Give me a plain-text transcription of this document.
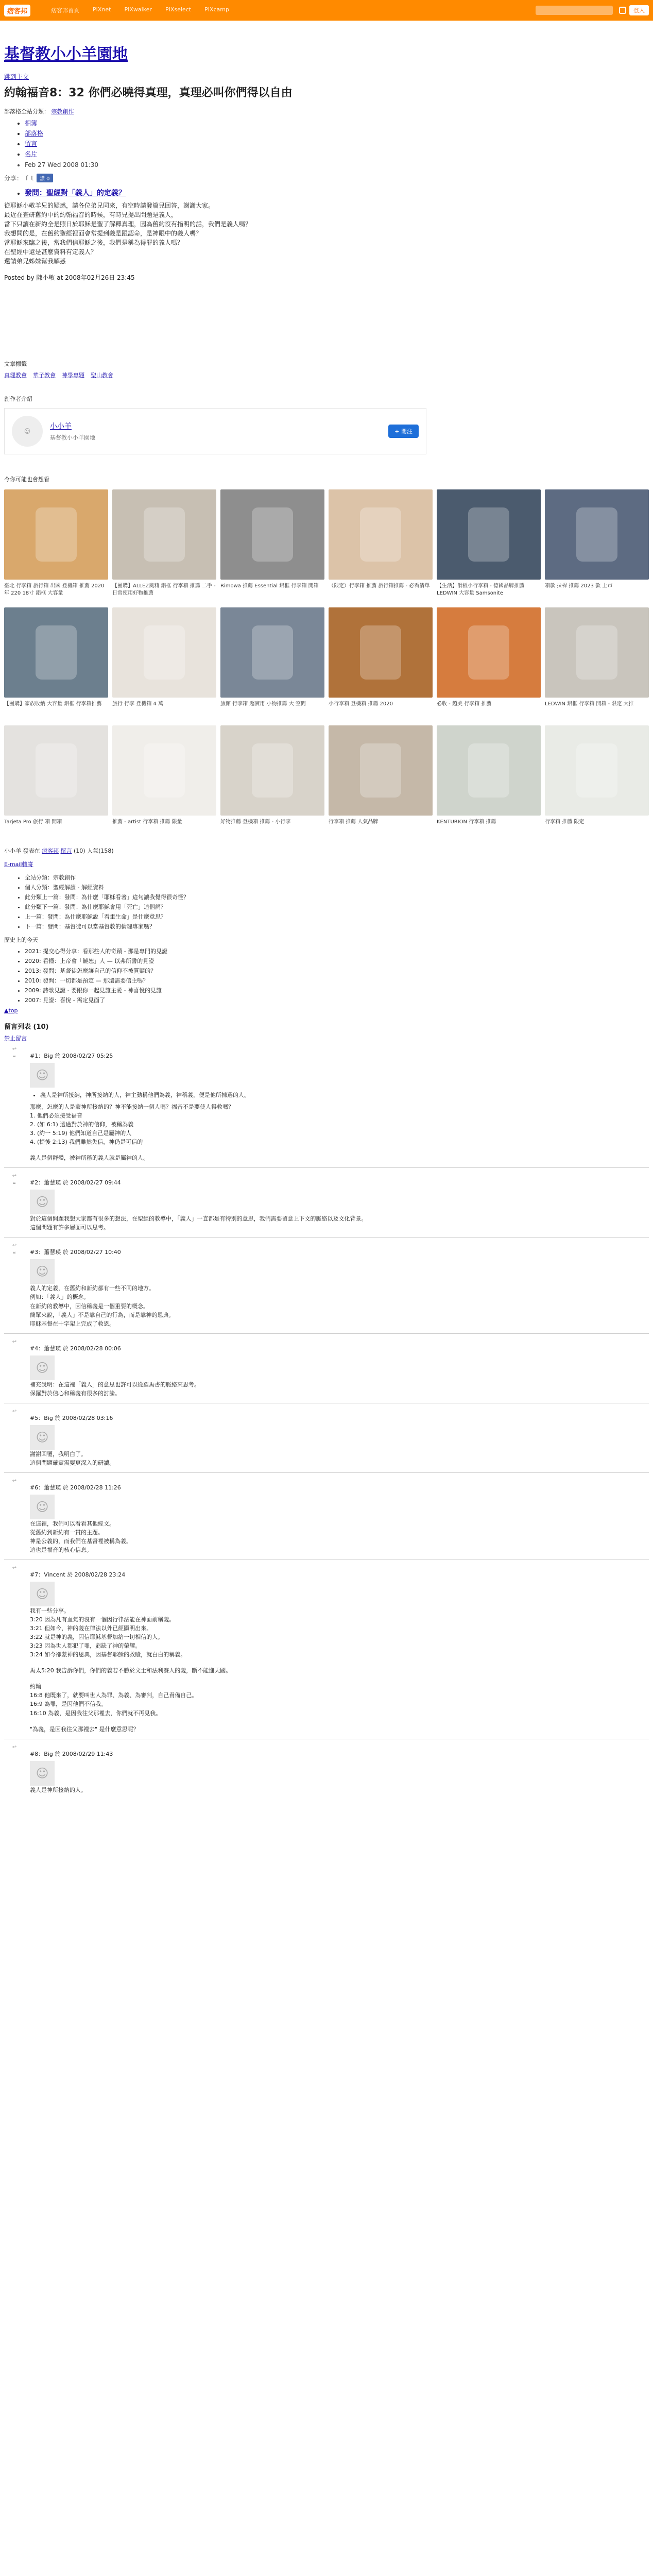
痞客邦	痞客邦首頁 PIXnet PIXwalker PIXselect PIXcamp	登入
基督教小小羊園地
跳到主文
約翰福音8：32 你們必曉得真理，真理必叫你們得以自由
部落格全站分類： 宗教創作
• 相簿
• 部落格
• 留言
• 名片
• Feb 27 Wed 2008 01:30
分享： f t	讚 0
• 發問：聖經對「義人」的定義？

從耶穌小敬羊兄的疑惑，請各位弟兄同來，有空時請發篇兒回答，謝謝大家。

最近在查研舊約中的約翰福音的時候，有時兄提出問題是義人，

當下只讀在新約全是照日於耶穌是聖了解釋真理，因為舊約沒有指明的話，我們是義人嗎？

我想問的是，在舊約聖經裡面會常提到義是跟認命，是神眼中的義人嗎？

當耶穌來臨之後，當我們信耶穌之後，我們是稱為得罪的義人嗎？

在聖經中還是甚麼資料有定義人？

還請弟兄姊妹幫我解惑

Posted by 陳小敏 at 2008年02月26日 23:45

文章標籤
真理教會 華子教會 神學專題 聖山教會
創作者介紹
☺
小小羊
基督教小小羊園地
+ 關注
今你可能也會想看
臺北 行李箱 旅行箱 出國 登機箱 推薦 2020 年 220 18寸 鋁框 大容量
【團購】ALLEZ奧莉 鋁框 行李箱 推薦 二手 - 日常使用好物推薦
Rimowa 推薦 Essential 鋁框 行李箱 開箱	（限定）行李箱 推薦 旅行箱推薦 - 必看清單	【生活】滑板小行李箱 - 德國品牌推薦 LEDWIN 大容量 Samsonite
箱款 拉桿 推薦 2023 款 上市
【團購】家族收納 大容量 鋁框 行李箱推薦	旅行 行李 登機箱 4 萬	旅館 行李箱 超實用 小物推薦 大 空間	小行李箱 登機箱 推薦 2020	必收 - 超美 行李箱 推薦	LEDWIN 鋁框 行李箱 開箱 - 限定 大推
Tarjeta Pro 旅行 箱 開箱	推薦 - artist 行李箱 推薦 限量	好物推薦 登機箱 推薦 - 小行李	行李箱 推薦 人氣品牌	KENTURION 行李箱 推薦	行李箱 推薦 限定
小小羊 發表在 痞客邦 留言 (10) 人氣(158)
E-mail轉寄
• 全站分類：宗教創作
• 個人分類：聖經解讀 - 解經資料
• 此分類上一篇：發問：為什麼「耶穌看著」這句讓我覺得很奇怪？
• 此分類下一篇：發問：為什麼耶穌會用「死亡」這個詞？
• 上一篇：發問：為什麼耶穌說「看重生命」是什麼意思？
• 下一篇：發問：基督徒可以當基督教的倫理專家嗎？
歷史上的今天
• 2021: 提交心得分享：看那些人的奇蹟 - 那是專門的見證
• 2020: 看懂：上帝會「饒恕」人 — 以弗所書的見證
• 2013: 發問：基督徒怎麼讓自己的信仰不被質疑的？
• 2010: 發問：一切都是預定 — 那還需要信主嗎？
• 2009: 詩歌見證 - 要跟你一起見證主愛 - 神喜悅的見證
• 2007: 見證：喜悅 - 需定見面了
▲top
留言列表 (10)
禁止留言
↩
❝ #1：Big 於 2008/02/27 05:25
☺
• 義人是神所接納，神所接納的人，神主動稱他們為義，神稱義，便是他所揀選的人。

那麼，怎麼的人是蒙神所接納的？神不能接納一個人嗎？福音不是要使人得救嗎？

1. 他們必須接受福音

2. (如 6:1) 透過對於神的信仰，被稱為義

3. (約一 5:19) 他們知道自己是屬神的人

4. (提後 2:13) 我們雖然失信，神仍是可信的

義人是個群體，被神所稱的義人就是屬神的人。

↩
❝ #2：蕭慧瑛 於 2008/02/27 09:44
☺

對於這個問題我想大家都有很多的想法，在聖經的教導中，「義人」一直都是有特別的意思，我們需要留意上下文的脈絡以及文化背景。

這個問題有許多層面可以思考。

↩
❝ #3：蕭慧瑛 於 2008/02/27 10:40
☺

義人的定義，在舊約和新約都有一些不同的地方。

例如：「義人」的概念。

在新約的教導中，因信稱義是一個重要的概念。

簡單來說，「義人」不是靠自己的行為，而是靠神的恩典。

耶穌基督在十字架上完成了救恩。

↩
#4：蕭慧瑛 於 2008/02/28 00:06
☺

補充說明：在這裡「義人」的意思也許可以從羅馬書的脈絡來思考。

保羅對於信心和稱義有很多的討論。

↩
#5：Big 於 2008/02/28 03:16
☺

謝謝回覆，我明白了。

這個問題確實需要更深入的研讀。

↩
#6：蕭慧瑛 於 2008/02/28 11:26
☺

在這裡，我們可以看看其他經文。

從舊約到新約有一貫的主題。

神是公義的，而我們在基督裡被稱為義。

這也是福音的核心信息。

↩
#7：Vincent 於 2008/02/28 23:24
☺

我有一些分享。

3:20 因為凡有血氣的沒有一個因行律法能在神面前稱義。

3:21 但如今，神的義在律法以外已經顯明出來。

3:22 就是神的義，因信耶穌基督加給一切相信的人。

3:23 因為世人都犯了罪，虧缺了神的榮耀。

3:24 如今卻蒙神的恩典，因基督耶穌的救贖，就白白的稱義。

馬太5:20 我告訴你們，你們的義若不勝於文士和法利賽人的義，斷不能進天國。

約翰

16:8 他既來了，就要叫世人為罪、為義、為審判，自己責備自己。

16:9 為罪，是因他們不信我。

16:10 為義，是因我往父那裡去，你們就不再見我。

"為義，是因我往父那裡去" 是什麼意思呢？

↩
#8：Big 於 2008/02/29 11:43
☺

義人是神所接納的人。
